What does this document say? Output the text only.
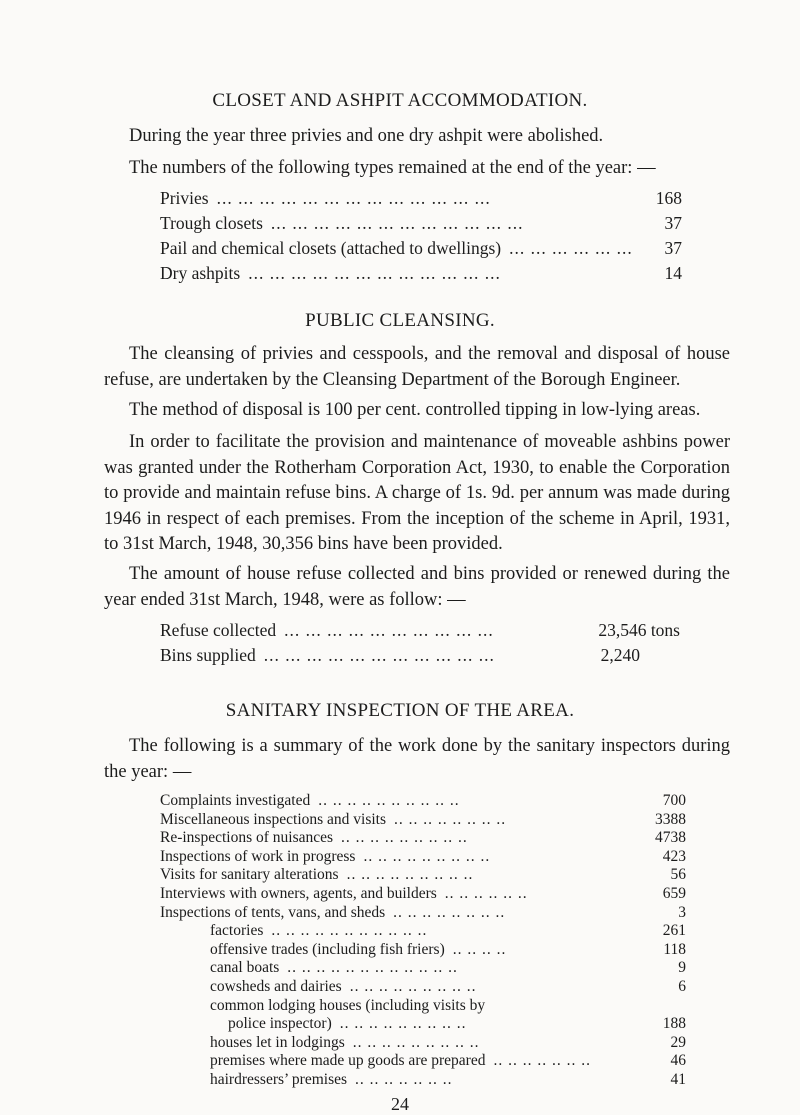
CLOSET AND ASHPIT ACCOMMODATION.

During the year three privies and one dry ashpit were abolished.

The numbers of the following types remained at the end of the year: —

Privies ... ... ... ... ... ... ... ... ... ... ... ... ...	168
Trough closets ... ... ... ... ... ... ... ... ... ... ... ...	37
Pail and chemical closets (attached to dwellings) ... ... ... ... ... ...	37
Dry ashpits ... ... ... ... ... ... ... ... ... ... ... ...	14
PUBLIC CLEANSING.

The cleansing of privies and cesspools, and the removal and disposal of house refuse, are undertaken by the Cleansing Department of the Borough Engineer.

The method of disposal is 100 per cent. controlled tipping in low-lying areas.

In order to facilitate the provision and maintenance of moveable ashbins power was granted under the Rotherham Corporation Act, 1930, to enable the Corporation to provide and maintain refuse bins. A charge of 1s. 9d. per annum was made during 1946 in respect of each premises. From the inception of the scheme in April, 1931, to 31st March, 1948, 30,356 bins have been provided.

The amount of house refuse collected and bins provided or renewed during the year ended 31st March, 1948, were as follow: —

Refuse collected ... ... ... ... ... ... ... ... ... ...	23,546 tons
Bins supplied ... ... ... ... ... ... ... ... ... ... ...	2,240
SANITARY INSPECTION OF THE AREA.

The following is a summary of the work done by the sanitary inspectors during the year: —

Complaints investigated .. .. .. .. .. .. .. .. .. ..	700
Miscellaneous inspections and visits .. .. .. .. .. .. .. ..	3388
Re-inspections of nuisances .. .. .. .. .. .. .. .. ..	4738
Inspections of work in progress .. .. .. .. .. .. .. .. ..	423
Visits for sanitary alterations .. .. .. .. .. .. .. .. ..	56
Interviews with owners, agents, and builders .. .. .. .. .. ..	659
Inspections of tents, vans, and sheds .. .. .. .. .. .. .. ..	3
factories .. .. .. .. .. .. .. .. .. .. ..	261
offensive trades (including fish friers) .. .. .. ..	118
canal boats .. .. .. .. .. .. .. .. .. .. .. ..	9
cowsheds and dairies .. .. .. .. .. .. .. .. ..	6
common lodging houses (including visits by
police inspector) .. .. .. .. .. .. .. .. ..	188
houses let in lodgings .. .. .. .. .. .. .. .. ..	29
premises where made up goods are prepared .. .. .. .. .. .. ..	46
hairdressers’ premises .. .. .. .. .. .. ..	41
24
